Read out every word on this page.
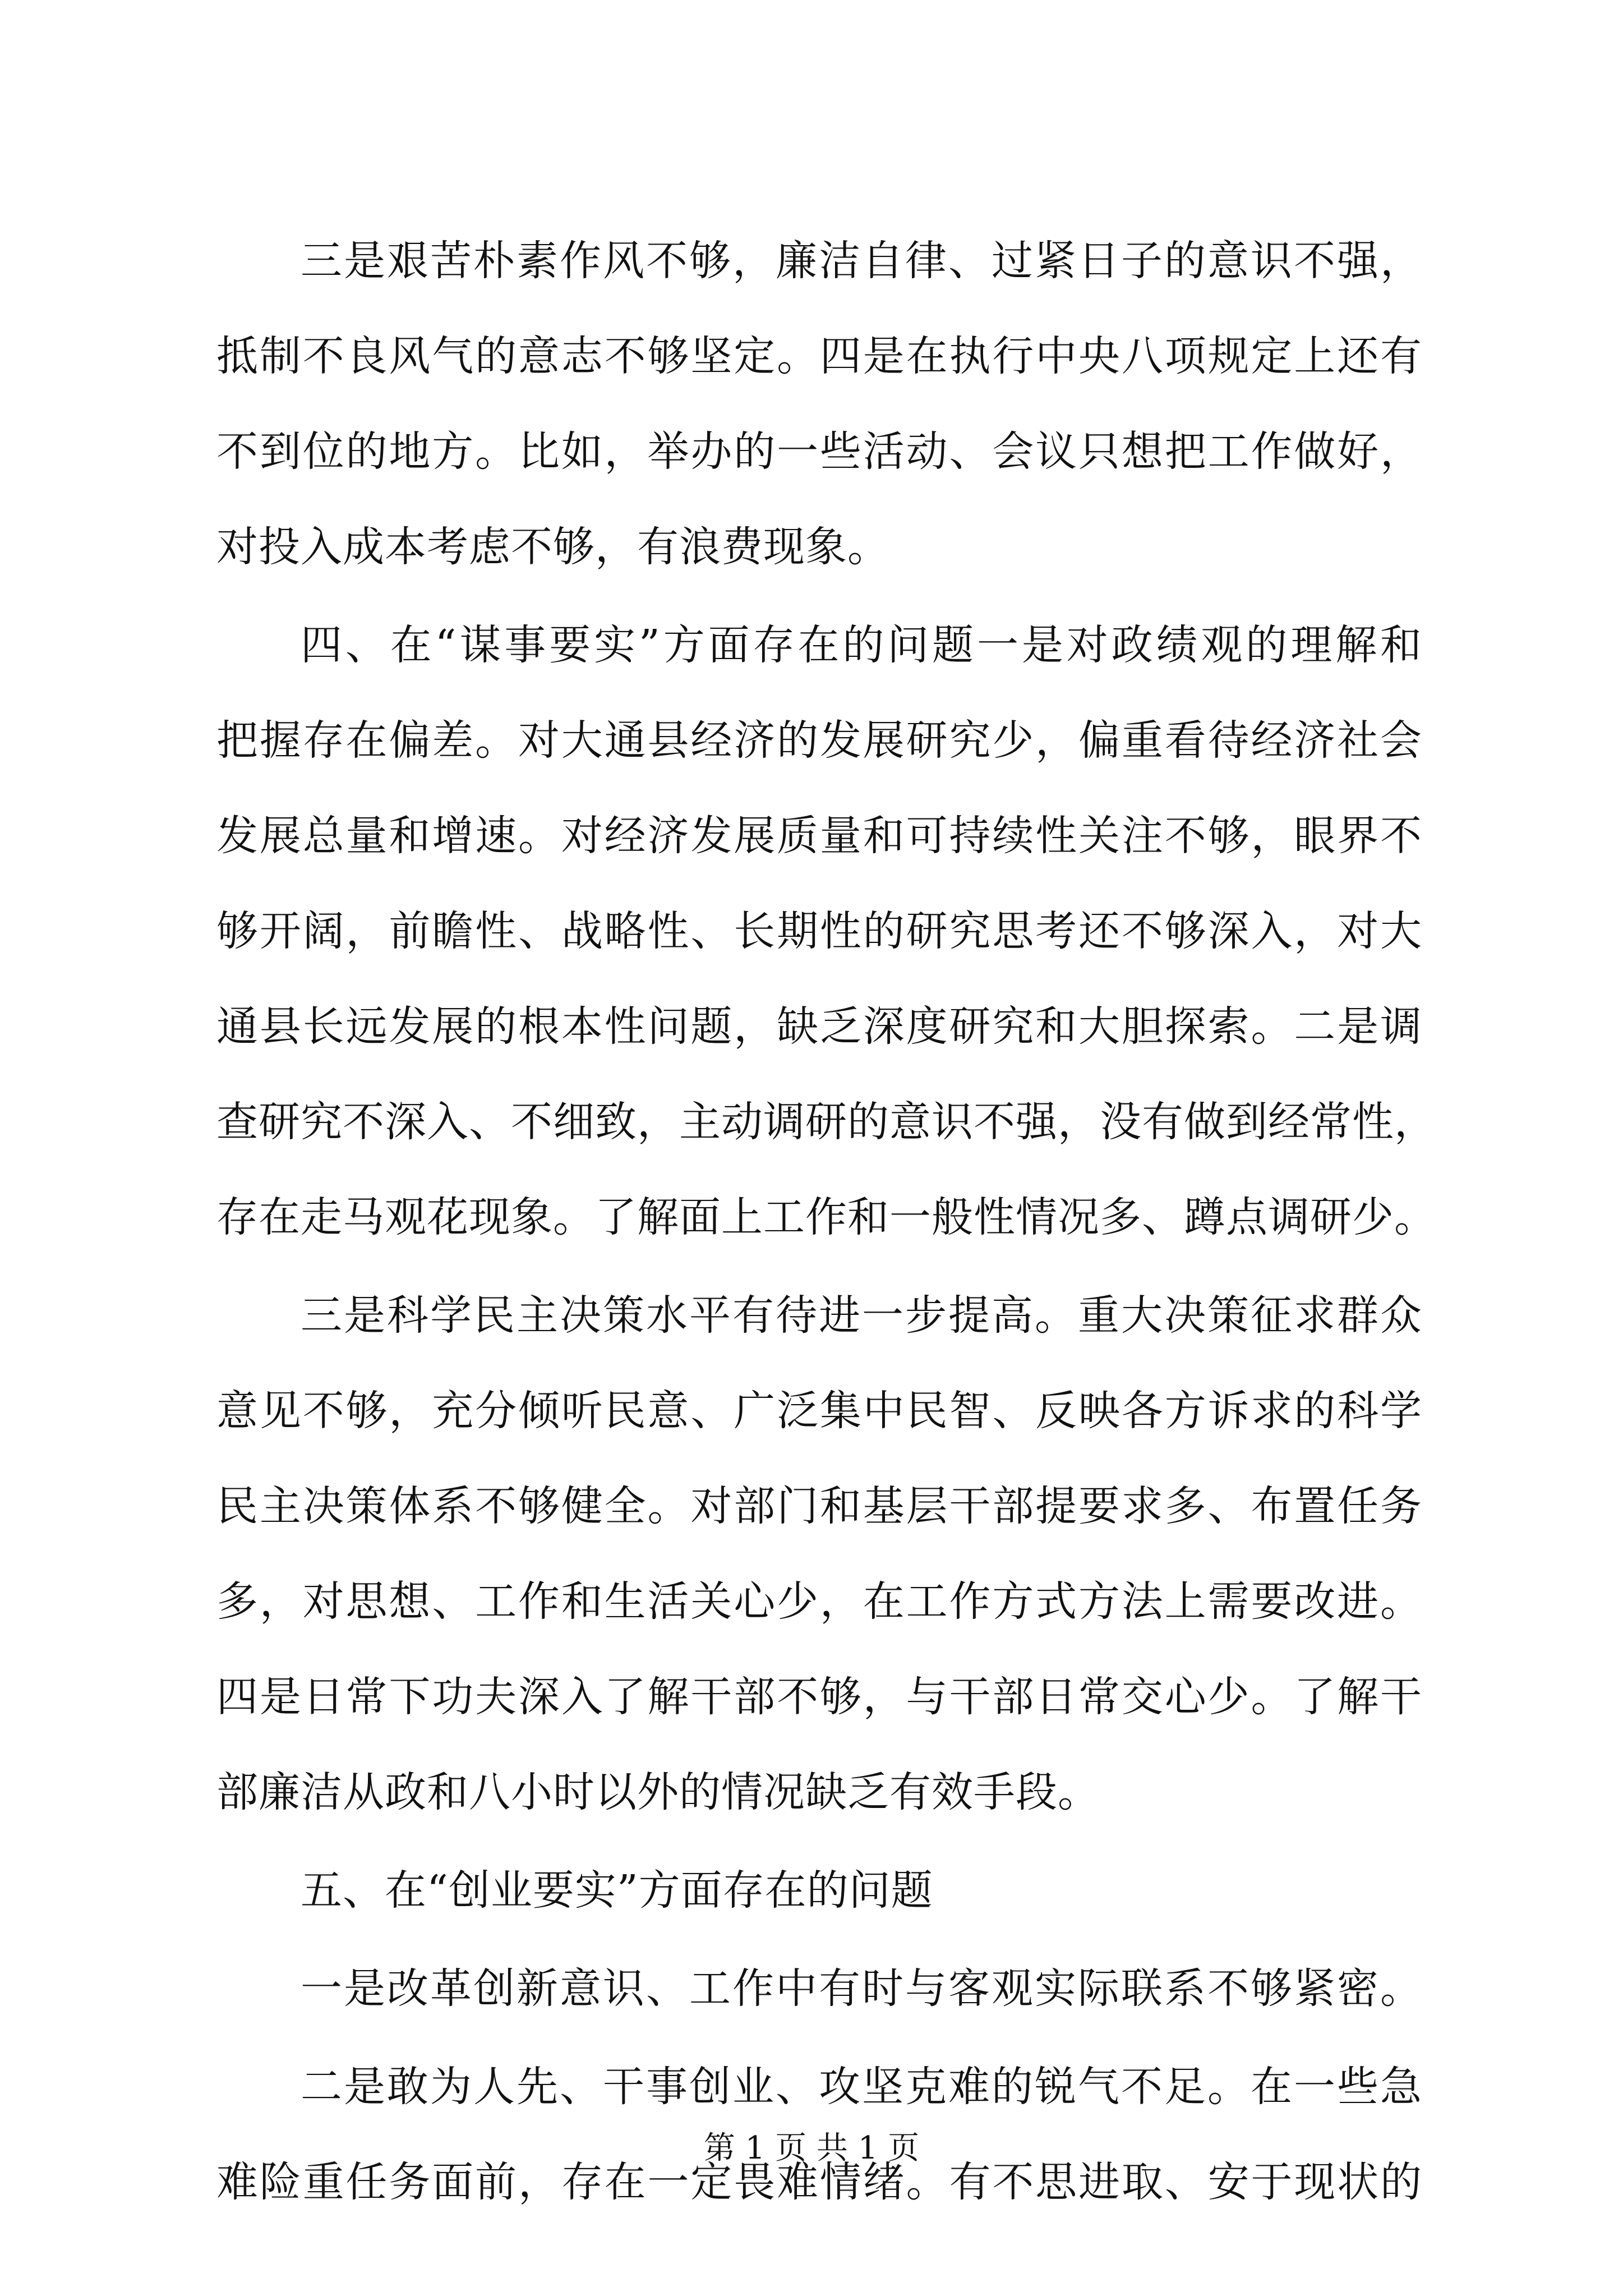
三是艰苦朴素作风不够，廉洁自律、过紧日子的意识不强，
抵制不良风气的意志不够坚定。四是在执行中央八项规定上还有
不到位的地方。比如，举办的一些活动、会议只想把工作做好，
对投入成本考虑不够，有浪费现象。
四、在“谋事要实”方面存在的问题一是对政绩观的理解和
把握存在偏差。对大通县经济的发展研究少，偏重看待经济社会
发展总量和增速。对经济发展质量和可持续性关注不够，眼界不
够开阔，前瞻性、战略性、长期性的研究思考还不够深入，对大
通县长远发展的根本性问题，缺乏深度研究和大胆探索。二是调
查研究不深入、不细致，主动调研的意识不强，没有做到经常性，
存在走马观花现象。了解面上工作和一般性情况多、蹲点调研少。
三是科学民主决策水平有待进一步提高。重大决策征求群众
意见不够，充分倾听民意、广泛集中民智、反映各方诉求的科学
民主决策体系不够健全。对部门和基层干部提要求多、布置任务
多，对思想、工作和生活关心少，在工作方式方法上需要改进。
四是日常下功夫深入了解干部不够，与干部日常交心少。了解干
部廉洁从政和八小时以外的情况缺乏有效手段。
五、在“创业要实”方面存在的问题
一是改革创新意识、工作中有时与客观实际联系不够紧密。
二是敢为人先、干事创业、攻坚克难的锐气不足。在一些急
难险重任务面前，存在一定畏难情绪。有不思进取、安于现状的
第 1 页 共 1 页
